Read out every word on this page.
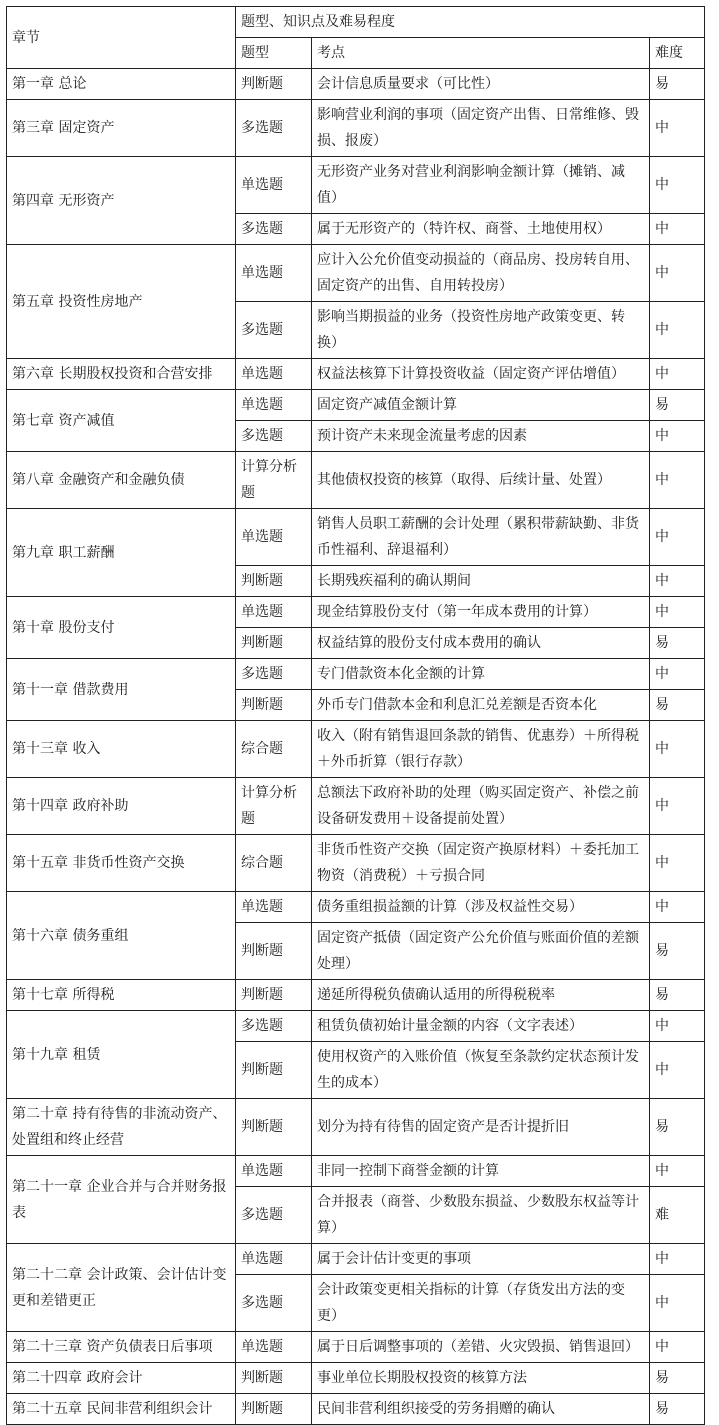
章节	题型、知识点及难易程度		
	题型	考点	难度
第一章 总论	判断题	会计信息质量要求（可比性）	易
第三章 固定资产	多选题	影响营业利润的事项（固定资产出售、日常维修、毁损、报废）	中
第四章 无形资产	单选题	无形资产业务对营业利润影响金额计算（摊销、减值）	中
	多选题	属于无形资产的（特许权、商誉、土地使用权）	中
第五章 投资性房地产	单选题	应计入公允价值变动损益的（商品房、投房转自用、固定资产的出售、自用转投房）	中
	多选题	影响当期损益的业务（投资性房地产政策变更、转换）	中
第六章 长期股权投资和合营安排	单选题	权益法核算下计算投资收益（固定资产评估增值）	中
第七章 资产减值	单选题	固定资产减值金额计算	易
	多选题	预计资产未来现金流量考虑的因素	中
第八章 金融资产和金融负债	计算分析题	其他债权投资的核算（取得、后续计量、处置）	中
第九章 职工薪酬	单选题	销售人员职工薪酬的会计处理（累积带薪缺勤、非货币性福利、辞退福利）	中
	判断题	长期残疾福利的确认期间	中
第十章 股份支付	单选题	现金结算股份支付（第一年成本费用的计算）	中
	判断题	权益结算的股份支付成本费用的确认	易
第十一章 借款费用	多选题	专门借款资本化金额的计算	中
	判断题	外币专门借款本金和利息汇兑差额是否资本化	易
第十三章 收入	综合题	收入（附有销售退回条款的销售、优惠券）＋所得税＋外币折算（银行存款）	中
第十四章 政府补助	计算分析题	总额法下政府补助的处理（购买固定资产、补偿之前设备研发费用＋设备提前处置）	中
第十五章 非货币性资产交换	综合题	非货币性资产交换（固定资产换原材料）＋委托加工物资（消费税）＋亏损合同	中
第十六章 债务重组	单选题	债务重组损益额的计算（涉及权益性交易）	中
	判断题	固定资产抵债（固定资产公允价值与账面价值的差额处理）	易
第十七章 所得税	判断题	递延所得税负债确认适用的所得税税率	易
第十九章 租赁	多选题	租赁负债初始计量金额的内容（文字表述）	中
	判断题	使用权资产的入账价值（恢复至条款约定状态预计发生的成本）	中
第二十章 持有待售的非流动资产、处置组和终止经营	判断题	划分为持有待售的固定资产是否计提折旧	易
第二十一章 企业合并与合并财务报表	单选题	非同一控制下商誉金额的计算	中
	多选题	合并报表（商誉、少数股东损益、少数股东权益等计算）	难
第二十二章 会计政策、会计估计变更和差错更正	单选题	属于会计估计变更的事项	中
	多选题	会计政策变更相关指标的计算（存货发出方法的变更）	中
第二十三章 资产负债表日后事项	单选题	属于日后调整事项的（差错、火灾毁损、销售退回）	中
第二十四章 政府会计	判断题	事业单位长期股权投资的核算方法	易
第二十五章 民间非营利组织会计	判断题	民间非营利组织接受的劳务捐赠的确认	易
